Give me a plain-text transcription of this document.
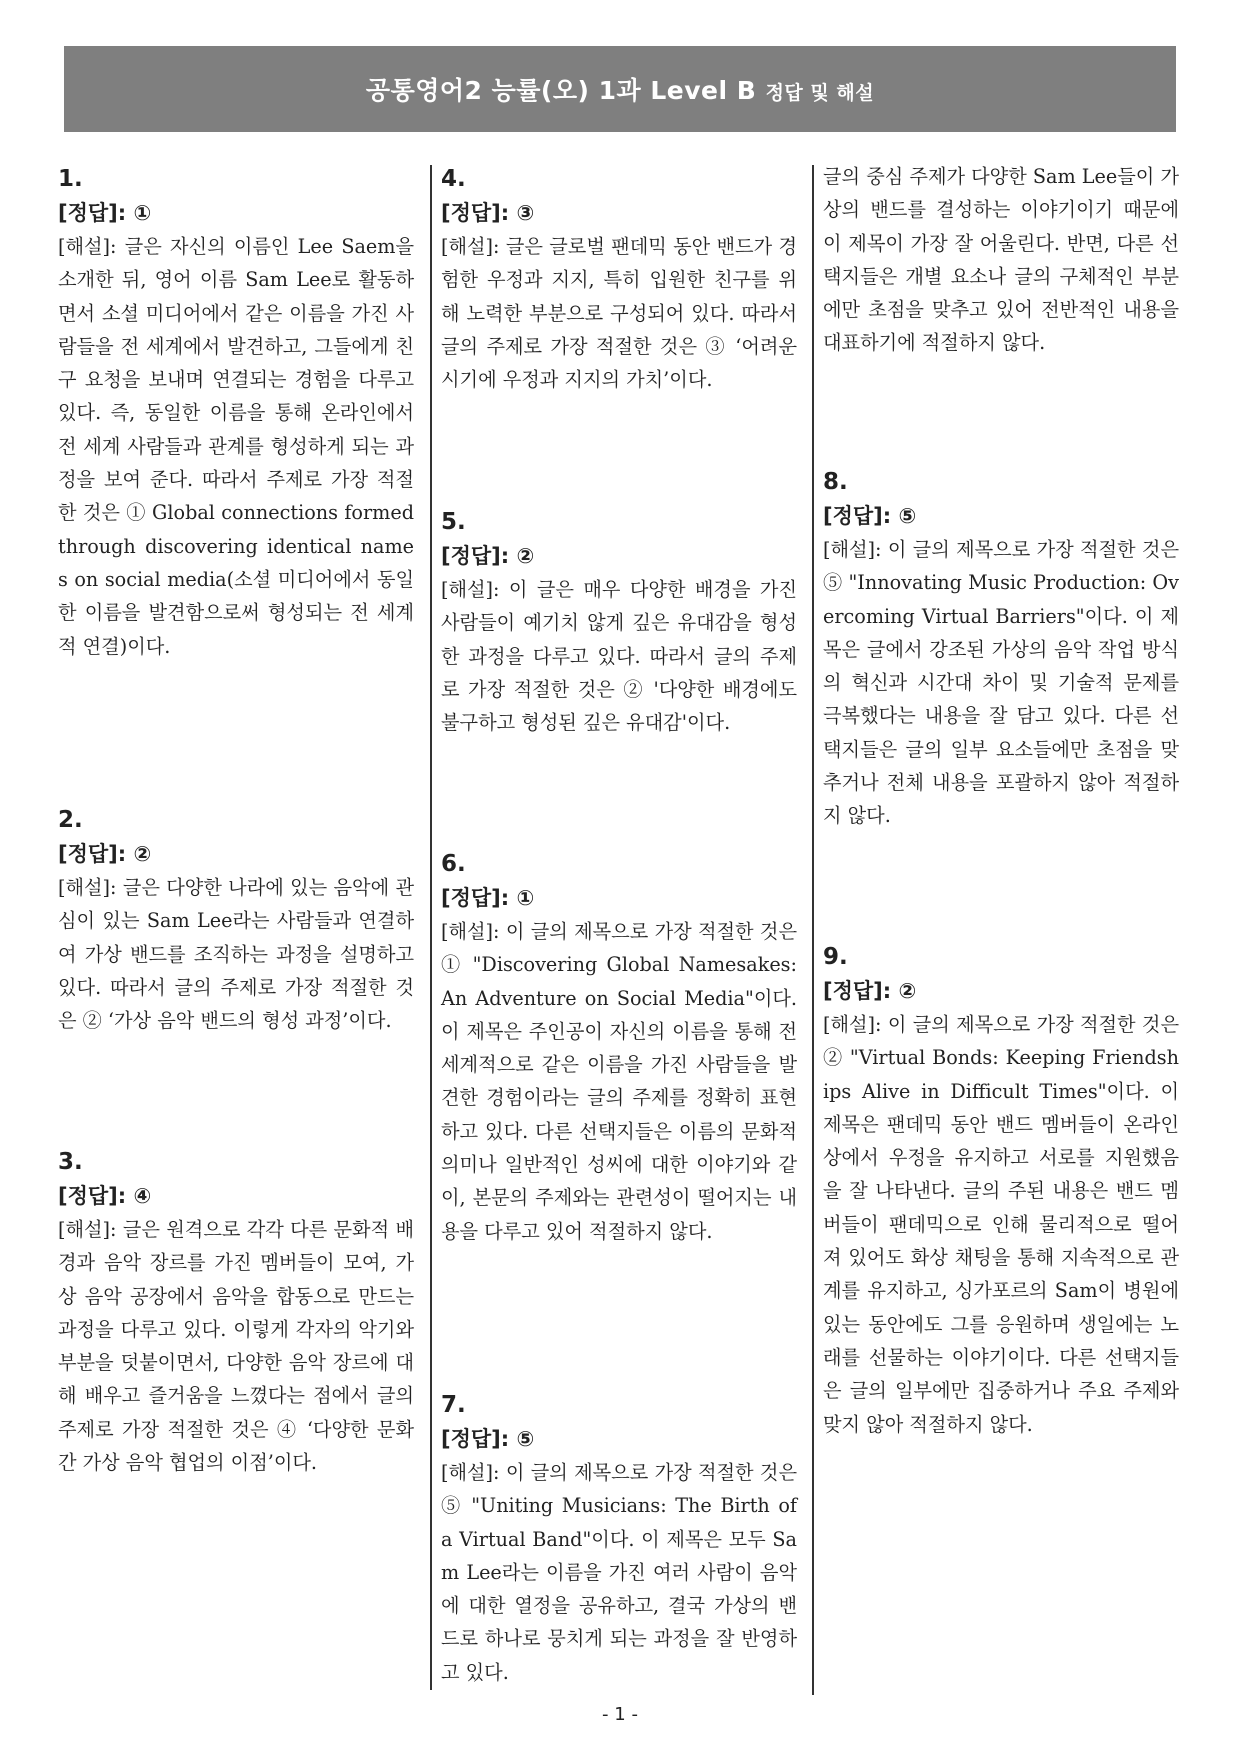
공통영어2 능률(오) 1과 Level B 정답 및 해설

1.

[정답]: ①

[해설]: 글은 자신의 이름인 Lee Saem을 소개한 뒤, 영어 이름 Sam Lee로 활동하면서 소셜 미디어에서 같은 이름을 가진 사람들을 전 세계에서 발견하고, 그들에게 친구 요청을 보내며 연결되는 경험을 다루고 있다. 즉, 동일한 이름을 통해 온라인에서 전 세계 사람들과 관계를 형성하게 되는 과정을 보여 준다. 따라서 주제로 가장 적절한 것은 ① Global connections formed through discovering identical names on social media(소셜 미디어에서 동일한 이름을 발견함으로써 형성되는 전 세계적 연결)이다.

2.

[정답]: ②

[해설]: 글은 다양한 나라에 있는 음악에 관심이 있는 Sam Lee라는 사람들과 연결하여 가상 밴드를 조직하는 과정을 설명하고 있다. 따라서 글의 주제로 가장 적절한 것은 ② ‘가상 음악 밴드의 형성 과정’이다.

3.

[정답]: ④

[해설]: 글은 원격으로 각각 다른 문화적 배경과 음악 장르를 가진 멤버들이 모여, 가상 음악 공장에서 음악을 합동으로 만드는 과정을 다루고 있다. 이렇게 각자의 악기와 부분을 덧붙이면서, 다양한 음악 장르에 대해 배우고 즐거움을 느꼈다는 점에서 글의 주제로 가장 적절한 것은 ④ ‘다양한 문화 간 가상 음악 협업의 이점’이다.

4.

[정답]: ③

[해설]: 글은 글로벌 팬데믹 동안 밴드가 경험한 우정과 지지, 특히 입원한 친구를 위해 노력한 부분으로 구성되어 있다. 따라서 글의 주제로 가장 적절한 것은 ③ ‘어려운 시기에 우정과 지지의 가치’이다.

5.

[정답]: ②

[해설]: 이 글은 매우 다양한 배경을 가진 사람들이 예기치 않게 깊은 유대감을 형성한 과정을 다루고 있다. 따라서 글의 주제로 가장 적절한 것은 ② '다양한 배경에도 불구하고 형성된 깊은 유대감'이다.

6.

[정답]: ①

[해설]: 이 글의 제목으로 가장 적절한 것은 ① "Discovering Global Namesakes: An Adventure on Social Media"이다. 이 제목은 주인공이 자신의 이름을 통해 전 세계적으로 같은 이름을 가진 사람들을 발견한 경험이라는 글의 주제를 정확히 표현하고 있다. 다른 선택지들은 이름의 문화적 의미나 일반적인 성씨에 대한 이야기와 같이, 본문의 주제와는 관련성이 떨어지는 내용을 다루고 있어 적절하지 않다.

7.

[정답]: ⑤

[해설]: 이 글의 제목으로 가장 적절한 것은 ⑤ "Uniting Musicians: The Birth of a Virtual Band"이다. 이 제목은 모두 Sam Lee라는 이름을 가진 여러 사람이 음악에 대한 열정을 공유하고, 결국 가상의 밴드로 하나로 뭉치게 되는 과정을 잘 반영하고 있다.

글의 중심 주제가 다양한 Sam Lee들이 가상의 밴드를 결성하는 이야기이기 때문에 이 제목이 가장 잘 어울린다. 반면, 다른 선택지들은 개별 요소나 글의 구체적인 부분에만 초점을 맞추고 있어 전반적인 내용을 대표하기에 적절하지 않다.

8.

[정답]: ⑤

[해설]: 이 글의 제목으로 가장 적절한 것은 ⑤ "Innovating Music Production: Overcoming Virtual Barriers"이다. 이 제목은 글에서 강조된 가상의 음악 작업 방식의 혁신과 시간대 차이 및 기술적 문제를 극복했다는 내용을 잘 담고 있다. 다른 선택지들은 글의 일부 요소들에만 초점을 맞추거나 전체 내용을 포괄하지 않아 적절하지 않다.

9.

[정답]: ②

[해설]: 이 글의 제목으로 가장 적절한 것은 ② "Virtual Bonds: Keeping Friendships Alive in Difficult Times"이다. 이 제목은 팬데믹 동안 밴드 멤버들이 온라인 상에서 우정을 유지하고 서로를 지원했음을 잘 나타낸다. 글의 주된 내용은 밴드 멤버들이 팬데믹으로 인해 물리적으로 떨어져 있어도 화상 채팅을 통해 지속적으로 관계를 유지하고, 싱가포르의 Sam이 병원에 있는 동안에도 그를 응원하며 생일에는 노래를 선물하는 이야기이다. 다른 선택지들은 글의 일부에만 집중하거나 주요 주제와 맞지 않아 적절하지 않다.

- 1 -
